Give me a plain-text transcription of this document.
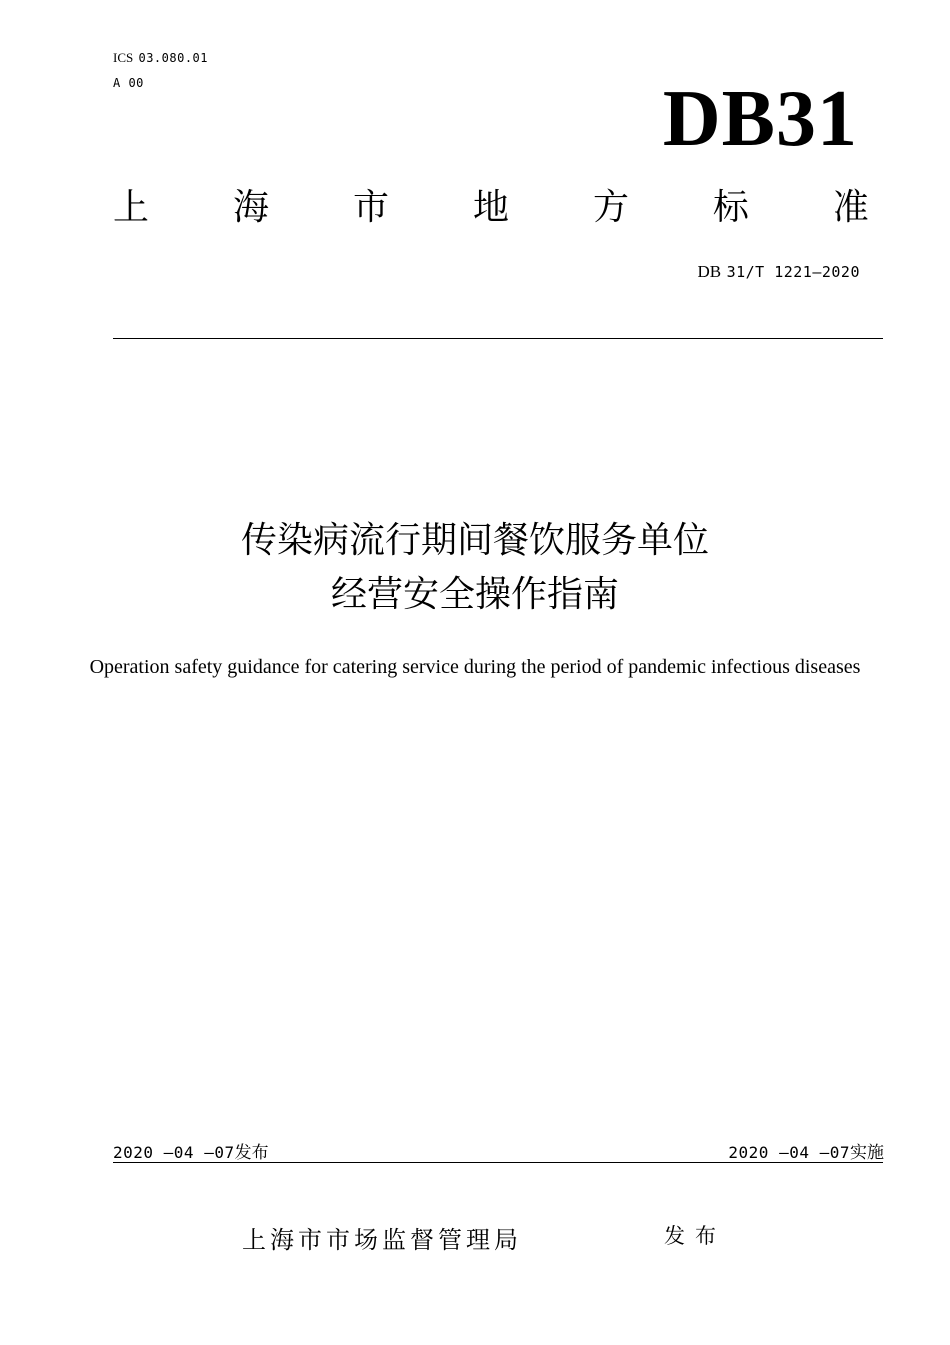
ICS 03.080.01
A 00	DB31
上 海 市 地 方 标 准
DB 31/T 1221—2020
传染病流行期间餐饮服务单位
经营安全操作指南
Operation safety guidance for catering service during the period of pandemic infectious diseases
2020 —04 —07发布	2020 —04 —07实施
上海市市场监督管理局	发布
